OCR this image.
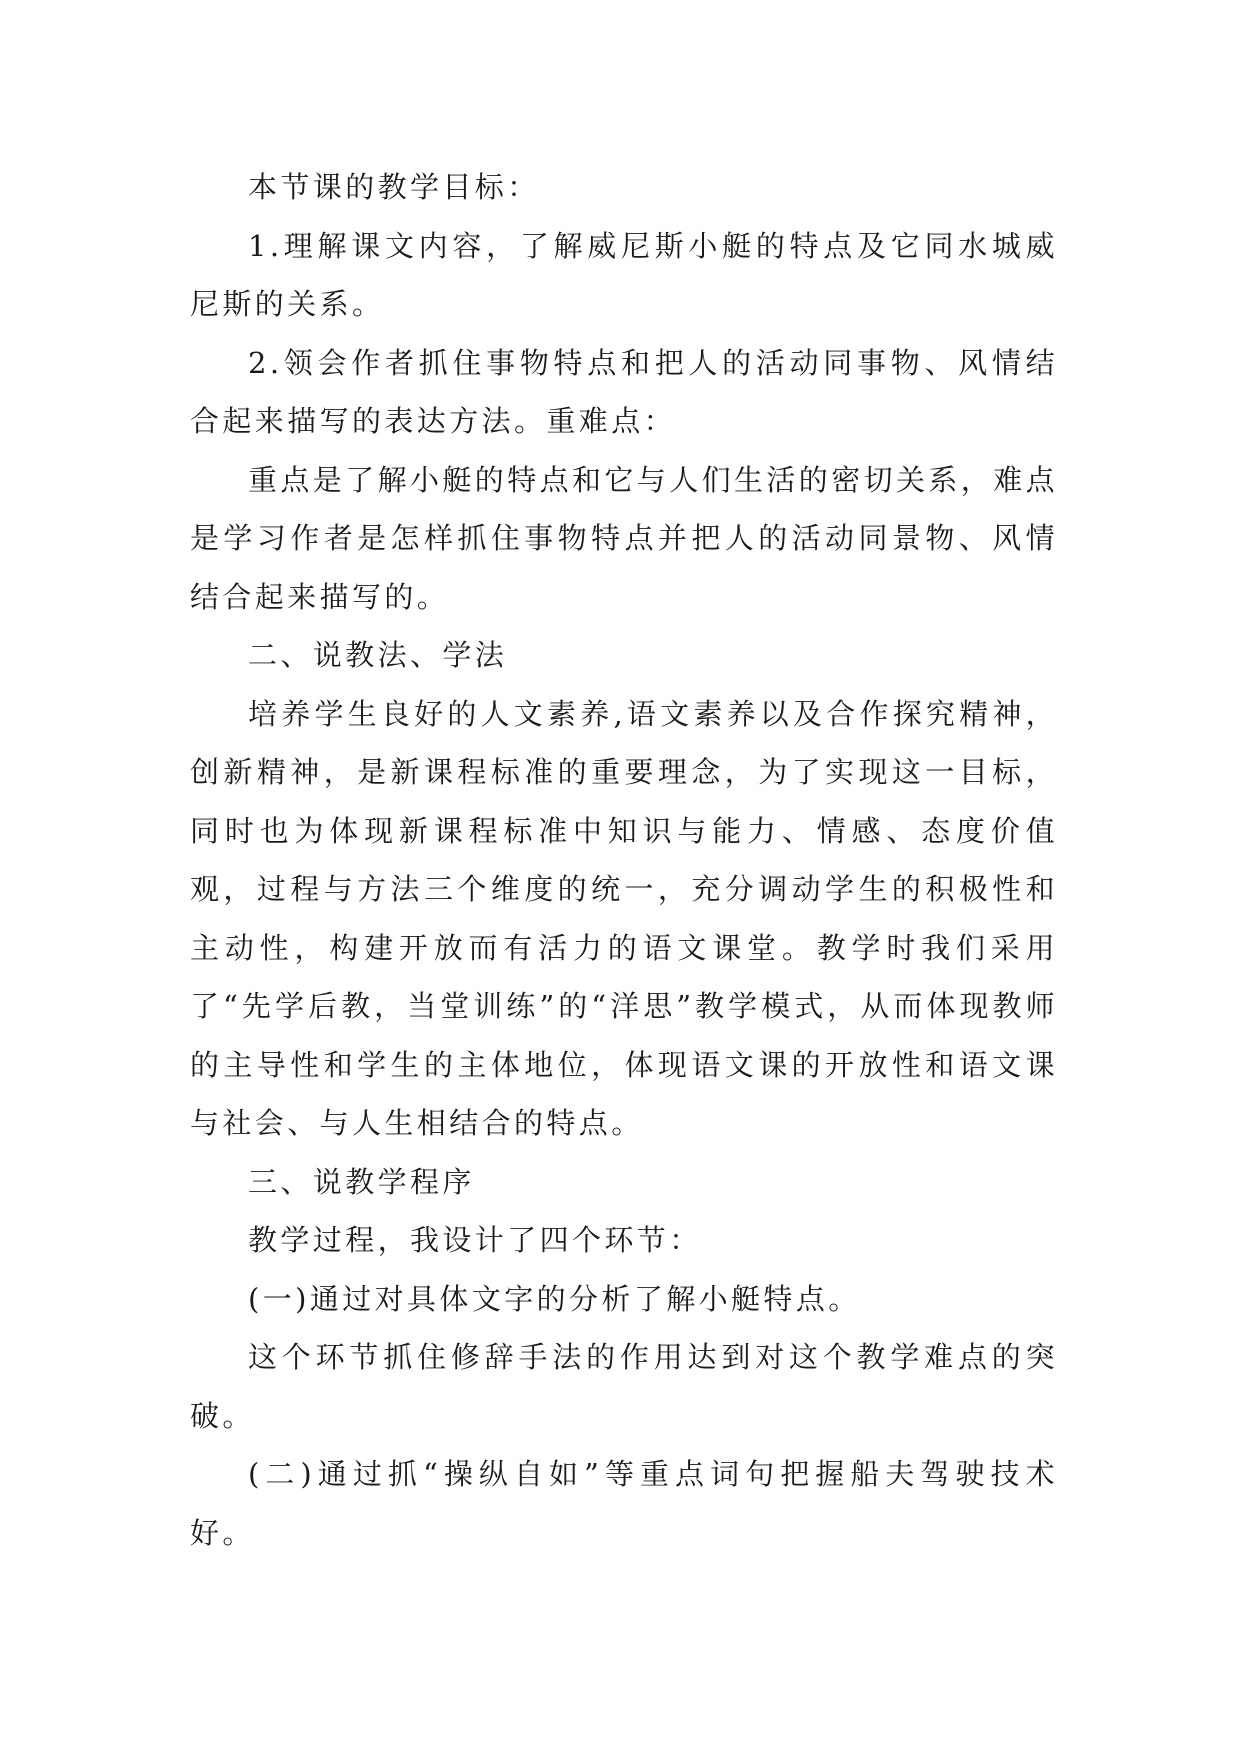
本节课的教学目标：

1.理解课文内容，了解威尼斯小艇的特点及它同水城威尼斯的关系。

2.领会作者抓住事物特点和把人的活动同事物、风情结合起来描写的表达方法。重难点：

重点是了解小艇的特点和它与人们生活的密切关系，难点是学习作者是怎样抓住事物特点并把人的活动同景物、风情结合起来描写的。

二、说教法、学法

培养学生良好的人文素养,语文素养以及合作探究精神，创新精神，是新课程标准的重要理念，为了实现这一目标，同时也为体现新课程标准中知识与能力、情感、态度价值观，过程与方法三个维度的统一，充分调动学生的积极性和主动性，构建开放而有活力的语文课堂。教学时我们采用了“先学后教，当堂训练”的“洋思”教学模式，从而体现教师的主导性和学生的主体地位，体现语文课的开放性和语文课与社会、与人生相结合的特点。

三、说教学程序

教学过程，我设计了四个环节：

(一)通过对具体文字的分析了解小艇特点。

这个环节抓住修辞手法的作用达到对这个教学难点的突破。

(二)通过抓“操纵自如”等重点词句把握船夫驾驶技术好。
